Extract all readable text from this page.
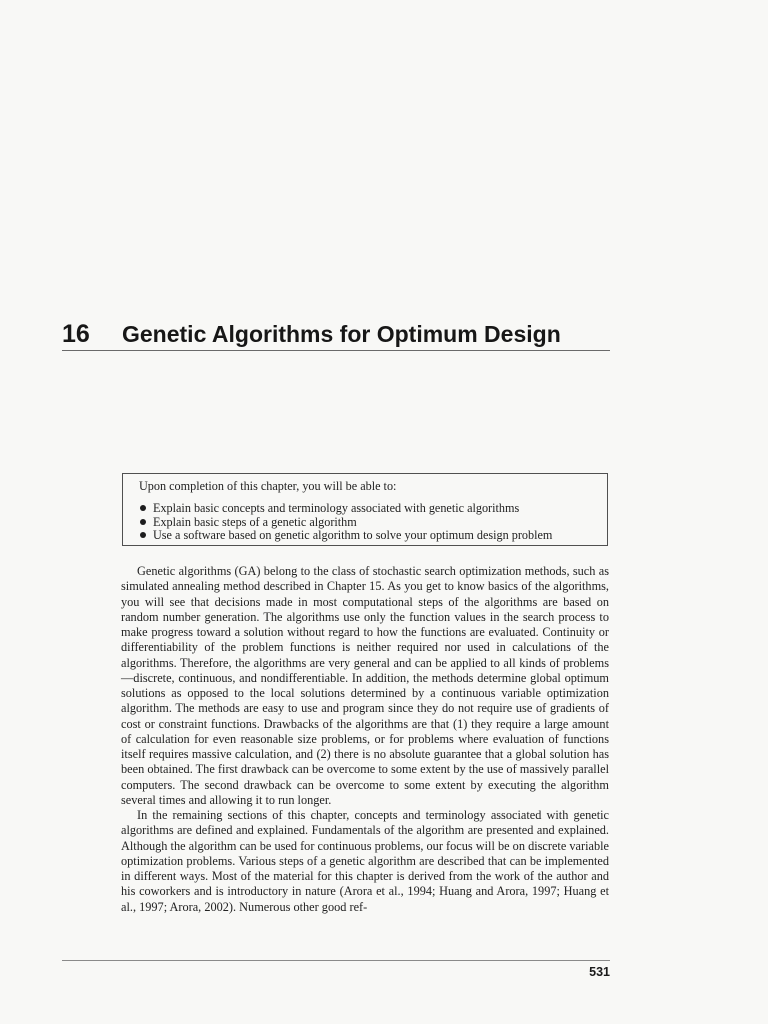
16 Genetic Algorithms for Optimum Design
Upon completion of this chapter, you will be able to:
Explain basic concepts and terminology associated with genetic algorithms
Explain basic steps of a genetic algorithm
Use a software based on genetic algorithm to solve your optimum design problem

Genetic algorithms (GA) belong to the class of stochastic search optimization methods, such as simulated annealing method described in Chapter 15. As you get to know basics of the algorithms, you will see that decisions made in most computational steps of the algorithms are based on random number generation. The algorithms use only the function values in the search process to make progress toward a solution without regard to how the functions are evaluated. Continuity or differentiability of the problem functions is neither required nor used in calculations of the algorithms. Therefore, the algorithms are very general and can be applied to all kinds of problems—discrete, continuous, and nondifferentiable. In addition, the methods determine global optimum solutions as opposed to the local solutions determined by a continuous variable optimization algorithm. The methods are easy to use and program since they do not require use of gradients of cost or constraint functions. Drawbacks of the algorithms are that (1) they require a large amount of calculation for even reasonable size problems, or for problems where evaluation of functions itself requires massive calculation, and (2) there is no absolute guarantee that a global solution has been obtained. The first drawback can be overcome to some extent by the use of massively parallel computers. The second drawback can be overcome to some extent by executing the algorithm several times and allowing it to run longer.

In the remaining sections of this chapter, concepts and terminology associated with genetic algorithms are defined and explained. Fundamentals of the algorithm are presented and explained. Although the algorithm can be used for continuous problems, our focus will be on discrete variable optimization problems. Various steps of a genetic algorithm are described that can be implemented in different ways. Most of the material for this chapter is derived from the work of the author and his coworkers and is introductory in nature (Arora et al., 1994; Huang and Arora, 1997; Huang et al., 1997; Arora, 2002). Numerous other good ref-

531
